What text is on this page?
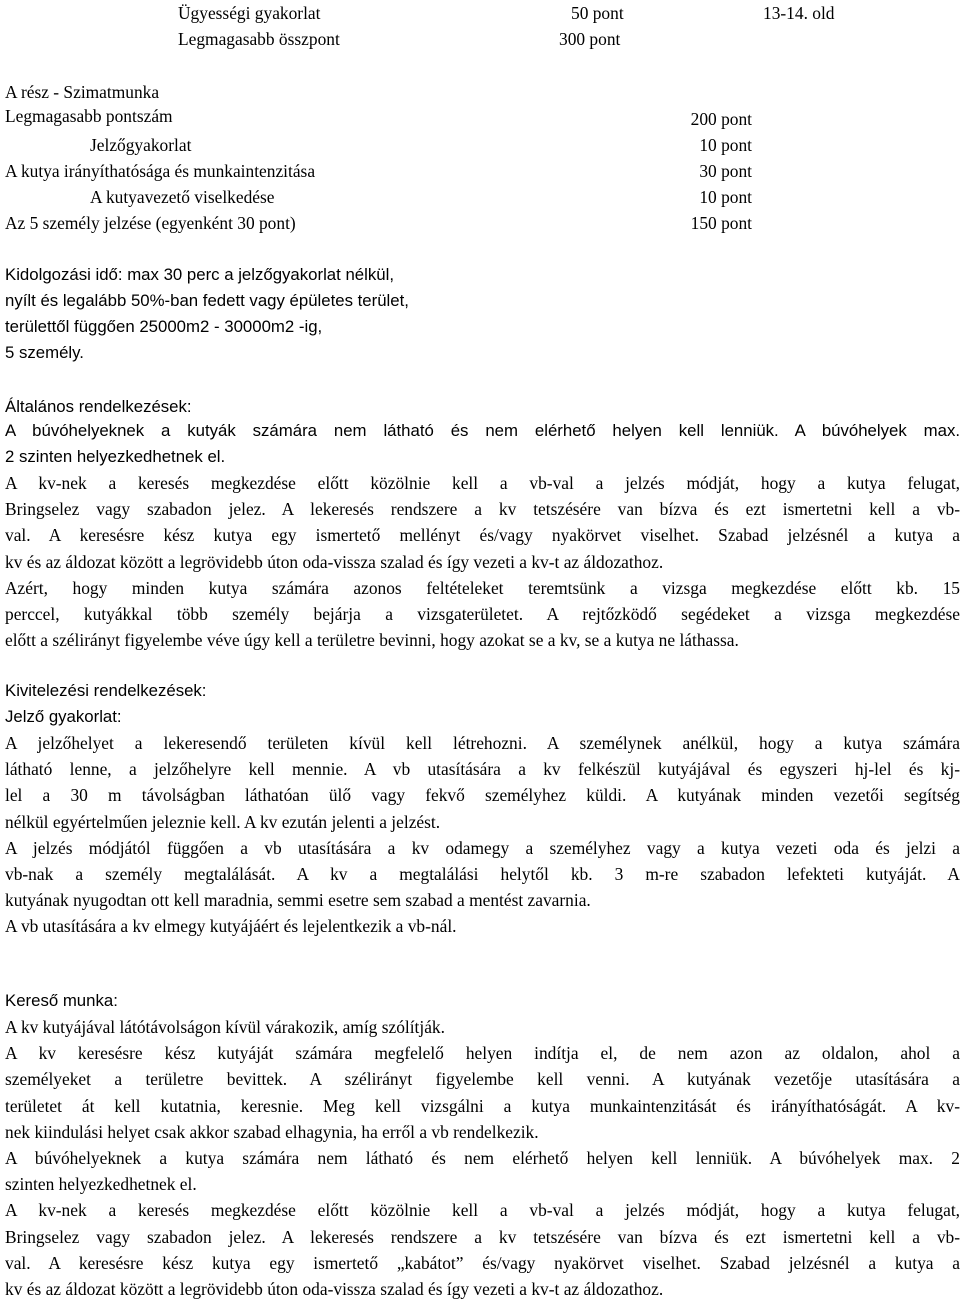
Ügyességi gyakorlat	50 pont	13-14. old
Legmagasabb összpont	300 pont
A rész - Szimatmunka
Legmagasabb pontszám	200 pont
Jelzőgyakorlat	10 pont
A kutya irányíthatósága és munkaintenzitása	30 pont
A kutyavezető viselkedése	10 pont
Az 5 személy jelzése (egyenként 30 pont)	150 pont
Kidolgozási idő: max 30 perc a jelzőgyakorlat nélkül,
nyílt és legalább 50%-ban fedett vagy épületes terület,
területtől függően 25000m2 - 30000m2 -ig,
5 személy.
Általános rendelkezések:
A búvóhelyeknek a kutyák számára nem látható és nem elérhető helyen kell lenniük. A búvóhelyek max.
2 szinten helyezkedhetnek el.
A kv-nek a keresés megkezdése előtt közölnie kell a vb-val a jelzés módját, hogy a kutya felugat,
Bringselez vagy szabadon jelez. A lekeresés rendszere a kv tetszésére van bízva és ezt ismertetni kell a vb-
val. A keresésre kész kutya egy ismertető mellényt és/vagy nyakörvet viselhet. Szabad jelzésnél a kutya a
kv és az áldozat között a legrövidebb úton oda-vissza szalad és így vezeti a kv-t az áldozathoz.
Azért, hogy minden kutya számára azonos feltételeket teremtsünk a vizsga megkezdése előtt kb. 15
perccel, kutyákkal több személy bejárja a vizsgaterületet. A rejtőzködő segédeket a vizsga megkezdése
előtt a szélirányt figyelembe véve úgy kell a területre bevinni, hogy azokat se a kv, se a kutya ne láthassa.
Kivitelezési rendelkezések:
Jelző gyakorlat:
A jelzőhelyet a lekeresendő területen kívül kell létrehozni. A személynek anélkül, hogy a kutya számára
látható lenne, a jelzőhelyre kell mennie. A vb utasítására a kv felkészül kutyájával és egyszeri hj-lel és kj-
lel a 30 m távolságban láthatóan ülő vagy fekvő személyhez küldi. A kutyának minden vezetői segítség
nélkül egyértelműen jeleznie kell. A kv ezután jelenti a jelzést.
A jelzés módjától függően a vb utasítására a kv odamegy a személyhez vagy a kutya vezeti oda és jelzi a
vb-nak a személy megtalálását. A kv a megtalálási helytől kb. 3 m-re szabadon lefekteti kutyáját. A
kutyának nyugodtan ott kell maradnia, semmi esetre sem szabad a mentést zavarnia.
A vb utasítására a kv elmegy kutyájáért és lejelentkezik a vb-nál.
Kereső munka:
A kv kutyájával látótávolságon kívül várakozik, amíg szólítják.
A kv keresésre kész kutyáját számára megfelelő helyen indítja el, de nem azon az oldalon, ahol a
személyeket a területre bevittek. A szélirányt figyelembe kell venni. A kutyának vezetője utasítására a
területet át kell kutatnia, keresnie. Meg kell vizsgálni a kutya munkaintenzitását és irányíthatóságát. A kv-
nek kiindulási helyet csak akkor szabad elhagynia, ha erről a vb rendelkezik.
A búvóhelyeknek a kutya számára nem látható és nem elérhető helyen kell lenniük. A búvóhelyek max. 2
szinten helyezkedhetnek el.
A kv-nek a keresés megkezdése előtt közölnie kell a vb-val a jelzés módját, hogy a kutya felugat,
Bringselez vagy szabadon jelez. A lekeresés rendszere a kv tetszésére van bízva és ezt ismertetni kell a vb-
val. A keresésre kész kutya egy ismertető „kabátot” és/vagy nyakörvet viselhet. Szabad jelzésnél a kutya a
kv és az áldozat között a legrövidebb úton oda-vissza szalad és így vezeti a kv-t az áldozathoz.
